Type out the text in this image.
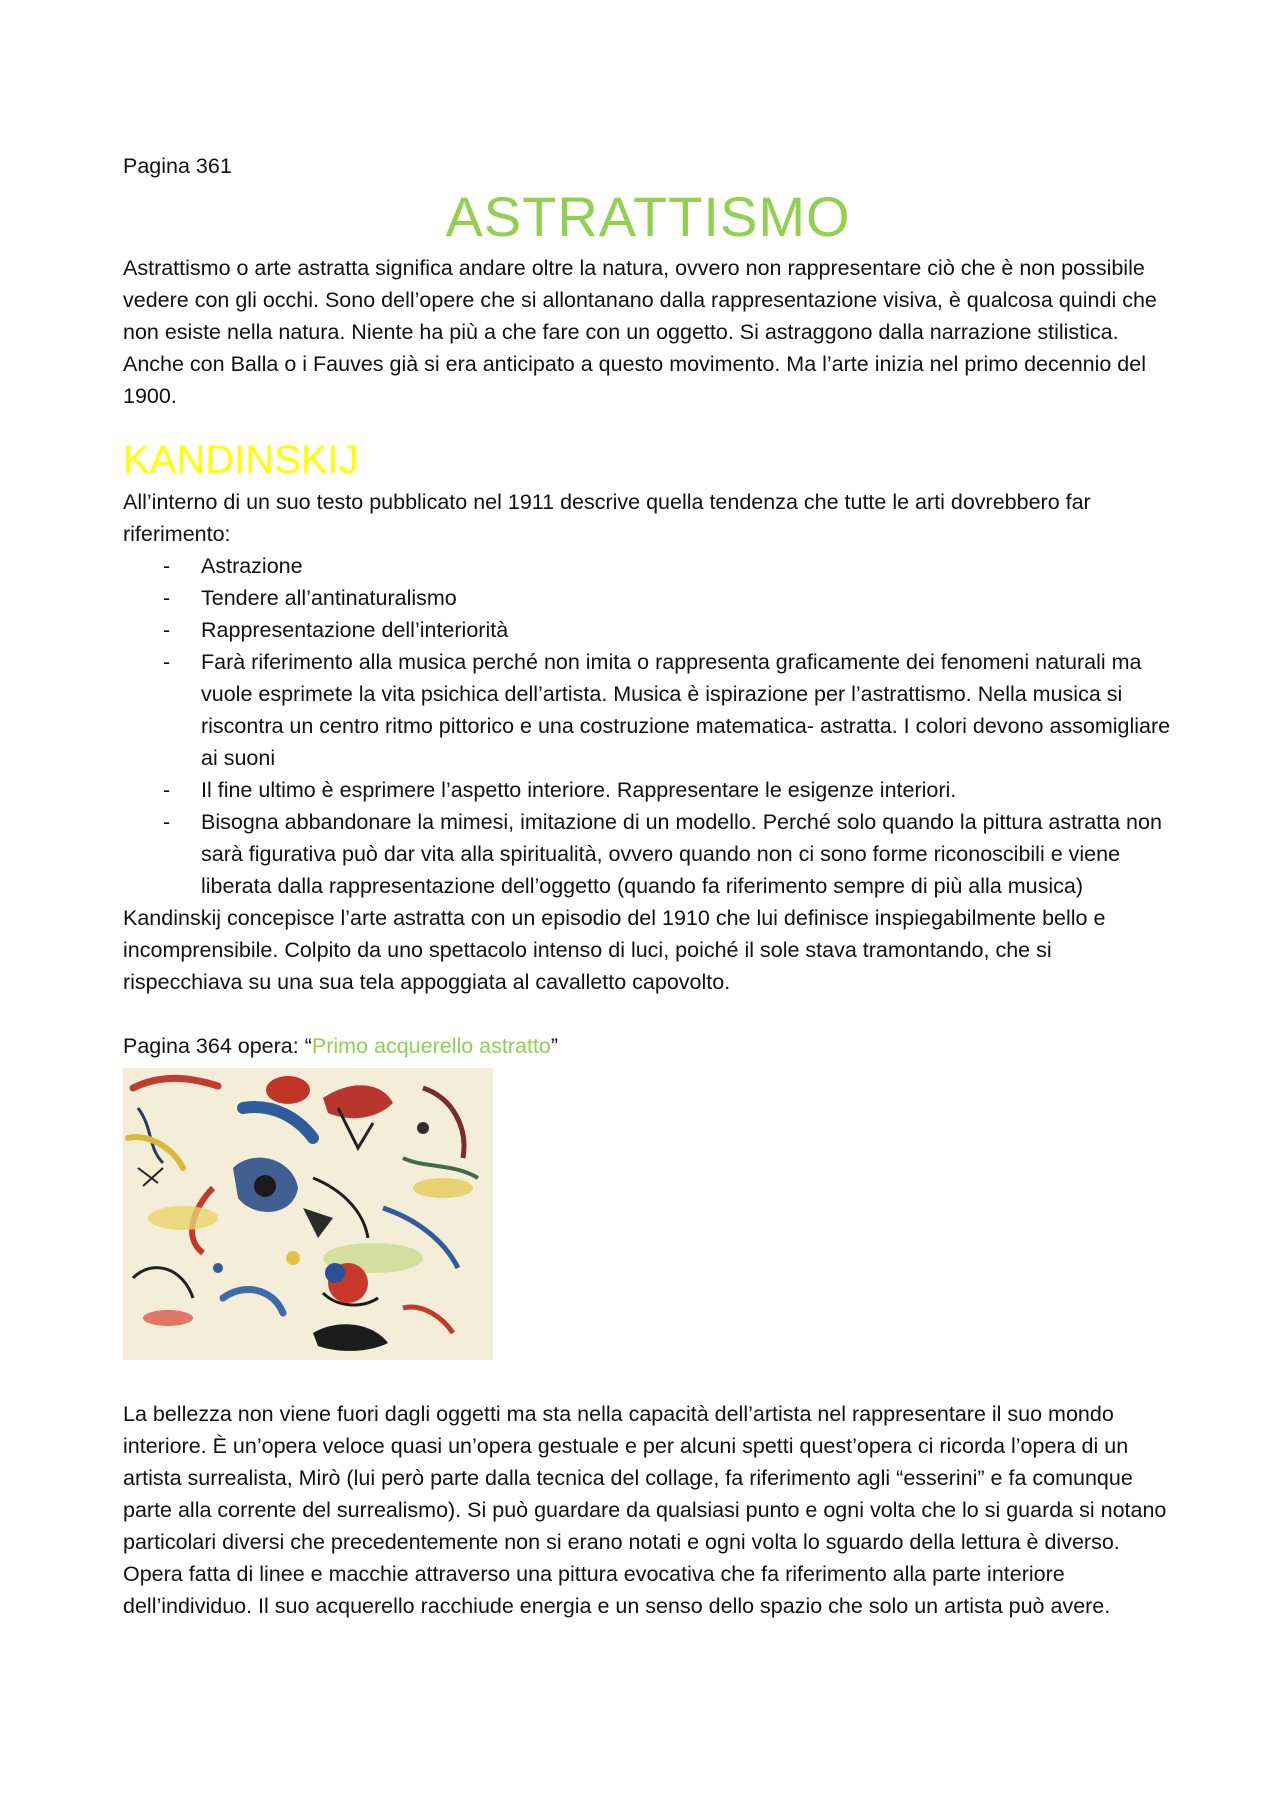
Pagina 361

ASTRATTISMO

Astrattismo o arte astratta significa andare oltre la natura, ovvero non rappresentare ciò che è non possibile vedere con gli occhi. Sono dell’opere che si allontanano dalla rappresentazione visiva, è qualcosa quindi che non esiste nella natura. Niente ha più a che fare con un oggetto. Si astraggono dalla narrazione stilistica. Anche con Balla o i Fauves già si era anticipato a questo movimento. Ma l’arte inizia nel primo decennio del 1900.

KANDINSKIJ

All’interno di un suo testo pubblicato nel 1911 descrive quella tendenza che tutte le arti dovrebbero far riferimento:

- Astrazione
- Tendere all’antinaturalismo
- Rappresentazione dell’interiorità
- Farà riferimento alla musica perché non imita o rappresenta graficamente dei fenomeni naturali ma vuole esprimete la vita psichica dell’artista. Musica è ispirazione per l’astrattismo. Nella musica si riscontra un centro ritmo pittorico e una costruzione matematica- astratta. I colori devono assomigliare ai suoni
- Il fine ultimo è esprimere l’aspetto interiore. Rappresentare le esigenze interiori.
- Bisogna abbandonare la mimesi, imitazione di un modello. Perché solo quando la pittura astratta non sarà figurativa può dar vita alla spiritualità, ovvero quando non ci sono forme riconoscibili e viene liberata dalla rappresentazione dell’oggetto (quando fa riferimento sempre di più alla musica)

Kandinskij concepisce l’arte astratta con un episodio del 1910 che lui definisce inspiegabilmente bello e incomprensibile. Colpito da uno spettacolo intenso di luci, poiché il sole stava tramontando, che si rispecchiava su una sua tela appoggiata al cavalletto capovolto.

Pagina 364 opera: “Primo acquerello astratto”

La bellezza non viene fuori dagli oggetti ma sta nella capacità dell’artista nel rappresentare il suo mondo interiore. È un’opera veloce quasi un’opera gestuale e per alcuni spetti quest’opera ci ricorda l’opera di un artista surrealista, Mirò (lui però parte dalla tecnica del collage, fa riferimento agli “esserini” e fa comunque parte alla corrente del surrealismo). Si può guardare da qualsiasi punto e ogni volta che lo si guarda si notano particolari diversi che precedentemente non si erano notati e ogni volta lo sguardo della lettura è diverso. Opera fatta di linee e macchie attraverso una pittura evocativa che fa riferimento alla parte interiore dell’individuo. Il suo acquerello racchiude energia e un senso dello spazio che solo un artista può avere.
